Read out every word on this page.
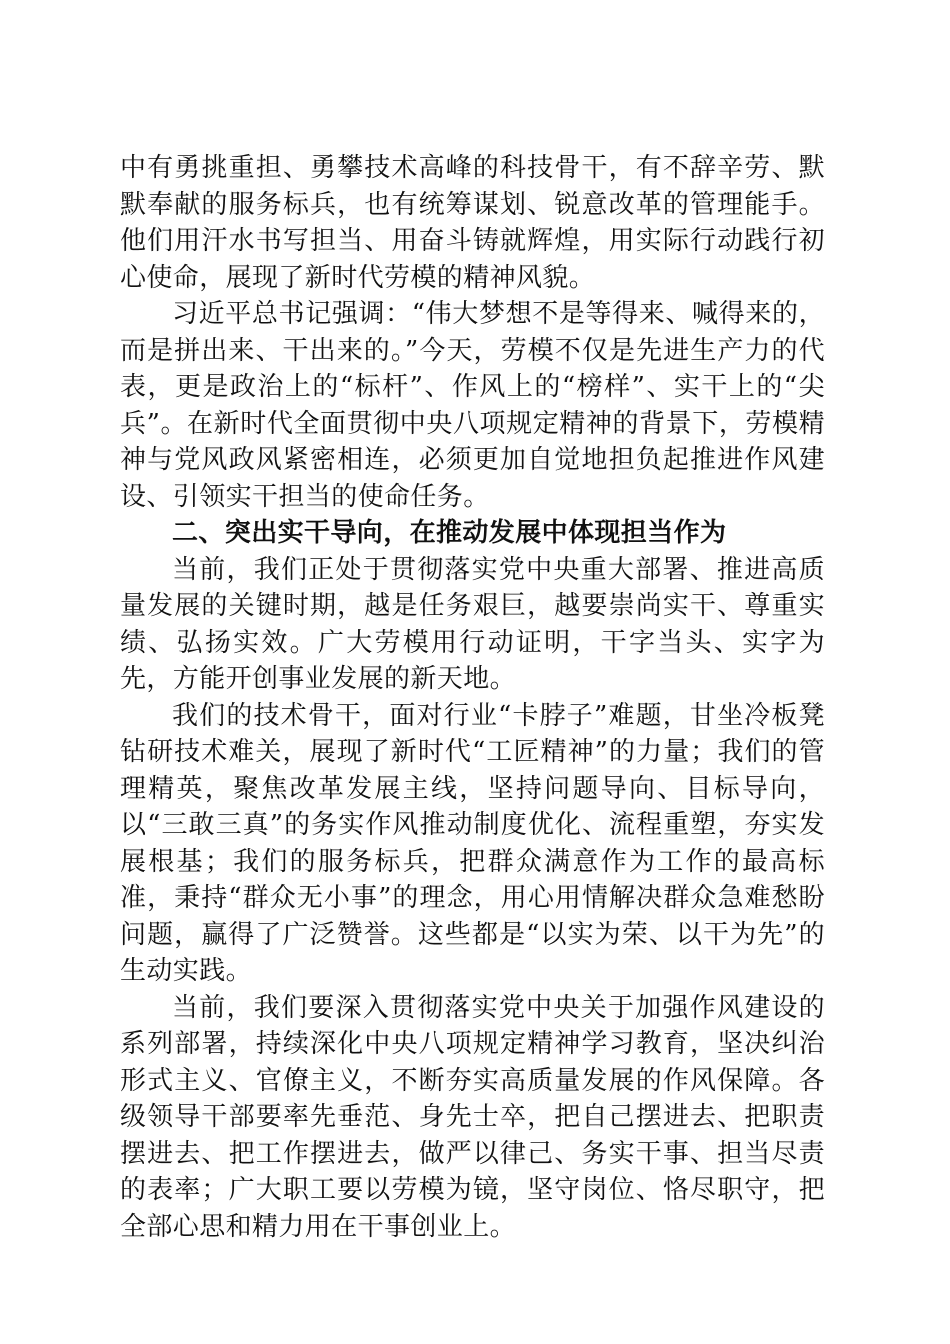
中有勇挑重担、勇攀技术高峰的科技骨干，有不辞辛劳、默默奉献的服务标兵，也有统筹谋划、锐意改革的管理能手。他们用汗水书写担当、用奋斗铸就辉煌，用实际行动践行初心使命，展现了新时代劳模的精神风貌。

习近平总书记强调：“伟大梦想不是等得来、喊得来的，而是拼出来、干出来的。”今天，劳模不仅是先进生产力的代表，更是政治上的“标杆”、作风上的“榜样”、实干上的“尖兵”。在新时代全面贯彻中央八项规定精神的背景下，劳模精神与党风政风紧密相连，必须更加自觉地担负起推进作风建设、引领实干担当的使命任务。

二、突出实干导向，在推动发展中体现担当作为

当前，我们正处于贯彻落实党中央重大部署、推进高质量发展的关键时期，越是任务艰巨，越要崇尚实干、尊重实绩、弘扬实效。广大劳模用行动证明，干字当头、实字为先，方能开创事业发展的新天地。

我们的技术骨干，面对行业“卡脖子”难题，甘坐冷板凳钻研技术难关，展现了新时代“工匠精神”的力量；我们的管理精英，聚焦改革发展主线，坚持问题导向、目标导向，以“三敢三真”的务实作风推动制度优化、流程重塑，夯实发展根基；我们的服务标兵，把群众满意作为工作的最高标准，秉持“群众无小事”的理念，用心用情解决群众急难愁盼问题，赢得了广泛赞誉。这些都是“以实为荣、以干为先”的生动实践。

当前，我们要深入贯彻落实党中央关于加强作风建设的系列部署，持续深化中央八项规定精神学习教育，坚决纠治形式主义、官僚主义，不断夯实高质量发展的作风保障。各级领导干部要率先垂范、身先士卒，把自己摆进去、把职责摆进去、把工作摆进去，做严以律己、务实干事、担当尽责的表率；广大职工要以劳模为镜，坚守岗位、恪尽职守，把全部心思和精力用在干事创业上。
